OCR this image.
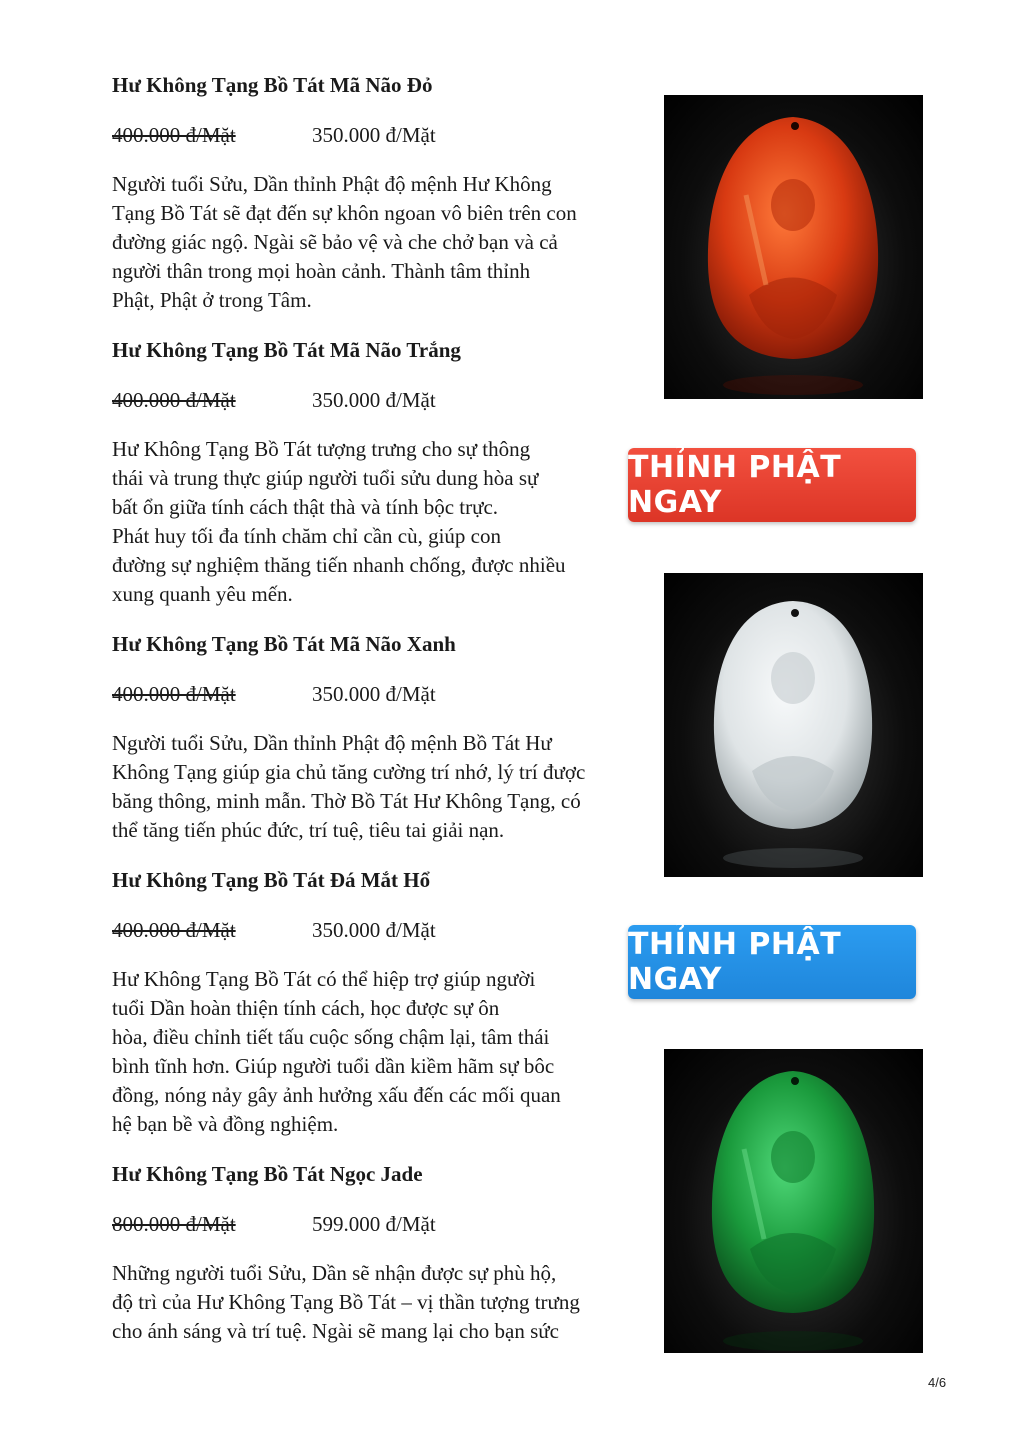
Hư Không Tạng Bồ Tát Mã Não Đỏ
400.000 đ/Mặt	350.000 đ/Mặt

Người tuổi Sửu, Dần thỉnh Phật độ mệnh Hư Không
Tạng Bồ Tát sẽ đạt đến sự khôn ngoan vô biên trên con
đường giác ngộ. Ngài sẽ bảo vệ và che chở bạn và cả
người thân trong mọi hoàn cảnh. Thành tâm thỉnh
Phật, Phật ở trong Tâm.

Hư Không Tạng Bồ Tát Mã Não Trắng
400.000 đ/Mặt	350.000 đ/Mặt

Hư Không Tạng Bồ Tát tượng trưng cho sự thông
thái và trung thực giúp người tuổi sửu dung hòa sự
bất ổn giữa tính cách thật thà và tính bộc trực.
Phát huy tối đa tính chăm chỉ cần cù, giúp con
đường sự nghiệm thăng tiến nhanh chống, được nhiều
xung quanh yêu mến.

Hư Không Tạng Bồ Tát Mã Não Xanh
400.000 đ/Mặt	350.000 đ/Mặt

Người tuổi Sửu, Dần thỉnh Phật độ mệnh Bồ Tát Hư
Không Tạng giúp gia chủ tăng cường trí nhớ, lý trí được
băng thông, minh mẫn. Thờ Bồ Tát Hư Không Tạng, có
thể tăng tiến phúc đức, trí tuệ, tiêu tai giải nạn.

Hư Không Tạng Bồ Tát Đá Mắt Hổ
400.000 đ/Mặt	350.000 đ/Mặt

Hư Không Tạng Bồ Tát có thể hiệp trợ giúp người
tuổi Dần hoàn thiện tính cách, học được sự ôn
hòa, điều chỉnh tiết tấu cuộc sống chậm lại, tâm thái
bình tĩnh hơn. Giúp người tuổi dần kiềm hãm sự bôc
đồng, nóng nảy gây ảnh hưởng xấu đến các mối quan
hệ bạn bề và đồng nghiệm.

Hư Không Tạng Bồ Tát Ngọc Jade
800.000 đ/Mặt	599.000 đ/Mặt

Những người tuổi Sửu, Dần sẽ nhận được sự phù hộ,
độ trì của Hư Không Tạng Bồ Tát – vị thần tượng trưng
cho ánh sáng và trí tuệ. Ngài sẽ mang lại cho bạn sức

THỈNH PHẬT NGAY
THỈNH PHẬT NGAY
4/6
